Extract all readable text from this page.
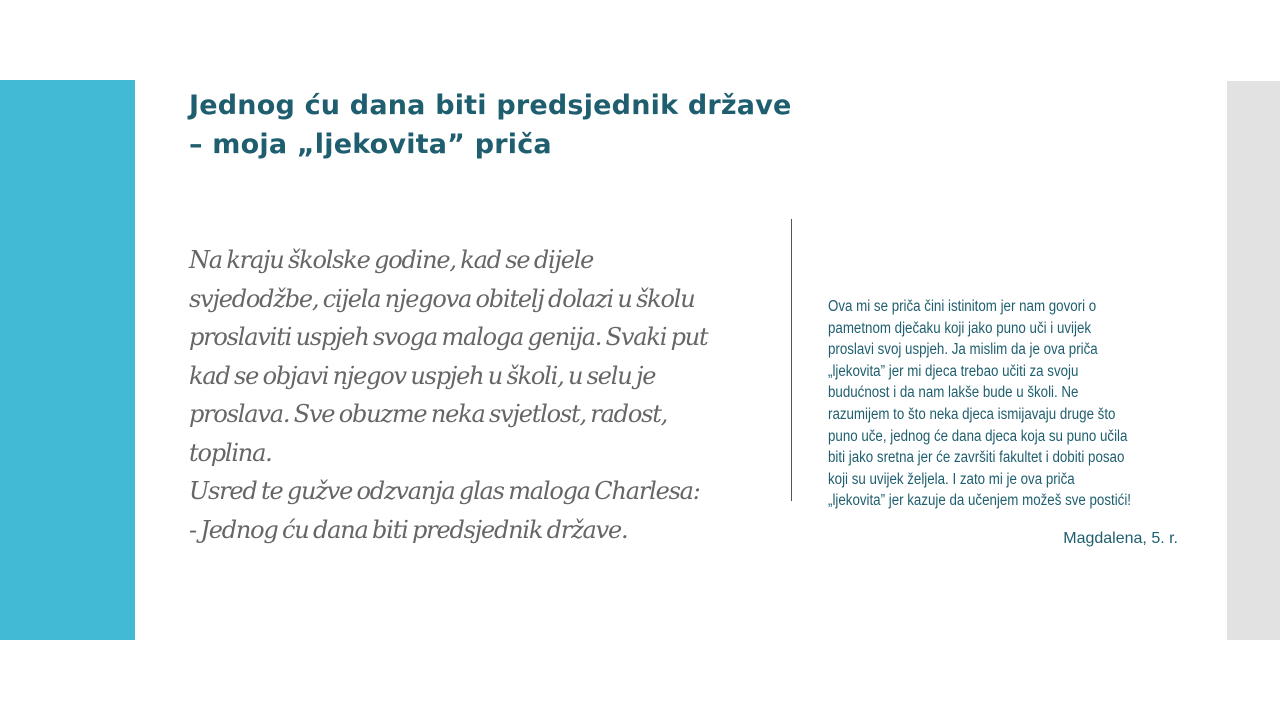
Jednog ću dana biti predsjednik države
– moja „ljekovita” priča
Na kraju školske godine, kad se dijele
svjedodžbe, cijela njegova obitelj dolazi u školu
proslaviti uspjeh svoga maloga genija. Svaki put
kad se objavi njegov uspjeh u školi, u selu je
proslava. Sve obuzme neka svjetlost, radost,
toplina.
Usred te gužve odzvanja glas maloga Charlesa:
- Jednog ću dana biti predsjednik države.
Ova mi se priča čini istinitom jer nam govori o
pametnom dječaku koji jako puno uči i uvijek
proslavi svoj uspjeh. Ja mislim da je ova priča
„ljekovita” jer mi djeca trebao učiti za svoju
budućnost i da nam lakše bude u školi. Ne
razumijem to što neka djeca ismijavaju druge što
puno uče, jednog će dana djeca koja su puno učila
biti jako sretna jer će završiti fakultet i dobiti posao
koji su uvijek željela. I zato mi je ova priča
„ljekovita” jer kazuje da učenjem možeš sve postići!
Magdalena, 5. r.
